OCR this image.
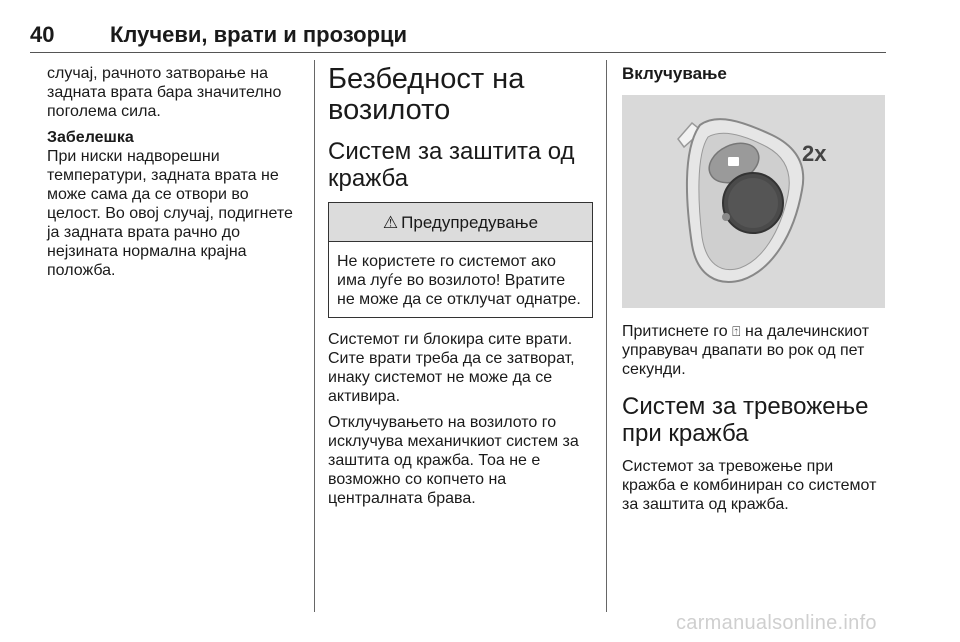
40	Клучеви, врати и прозорци

случај, рачното затворање на задната врата бара значително поголема сила.

Забелешка

При ниски надворешни температури, задната врата не може сама да се отвори во целост. Во овој случај, подигнете ја задната врата рачно до нејзината нормална крајна положба.

Безбедност на возилото
Систем за заштита од кражба
⚠ Предупредување
Не користете го системот ако има луѓе во возилото! Вратите не може да се отклучат однатре.

Системот ги блокира сите врати. Сите врати треба да се затворат, инаку системот не може да се активира.

Отклучувањето на возилото го исклучува механичкиот систем за заштита од кражба. Тоа не е возможно со копчето на централната брава.

Вклучување

2x

Притиснете го ⍐ на далечинскиот управувач двапати во рок од пет секунди.

Систем за тревожење при кражба

Системот за тревожење при кражба е комбиниран со системот за заштита од кражба.

carmanualsonline.info
